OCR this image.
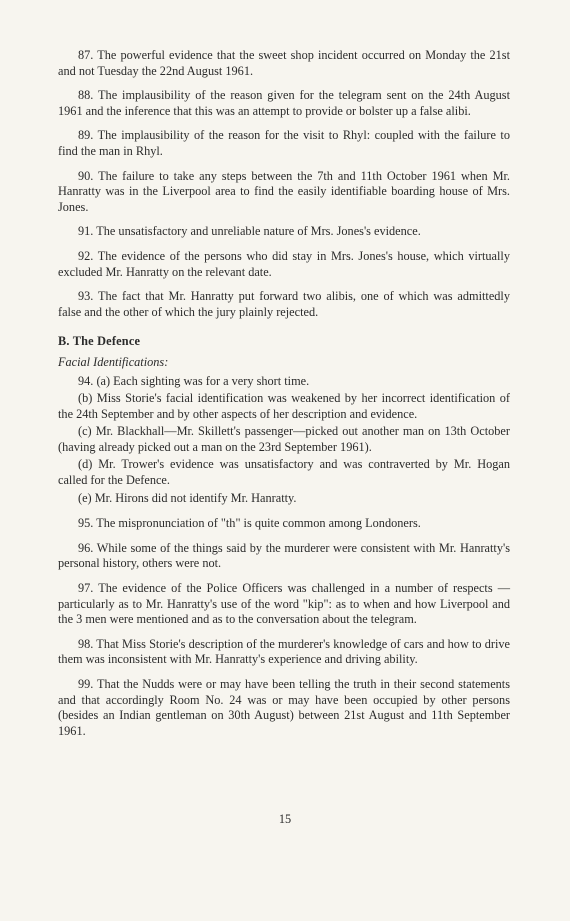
87. The powerful evidence that the sweet shop incident occurred on Monday the 21st and not Tuesday the 22nd August 1961.

88. The implausibility of the reason given for the telegram sent on the 24th August 1961 and the inference that this was an attempt to provide or bolster up a false alibi.

89. The implausibility of the reason for the visit to Rhyl: coupled with the failure to find the man in Rhyl.

90. The failure to take any steps between the 7th and 11th October 1961 when Mr. Hanratty was in the Liverpool area to find the easily identifiable boarding house of Mrs. Jones.

91. The unsatisfactory and unreliable nature of Mrs. Jones's evidence.

92. The evidence of the persons who did stay in Mrs. Jones's house, which virtually excluded Mr. Hanratty on the relevant date.

93. The fact that Mr. Hanratty put forward two alibis, one of which was admittedly false and the other of which the jury plainly rejected.

B. The Defence
Facial Identifications:

94. (a) Each sighting was for a very short time.

(b) Miss Storie's facial identification was weakened by her incorrect identification of the 24th September and by other aspects of her description and evidence.

(c) Mr. Blackhall—Mr. Skillett's passenger—picked out another man on 13th October (having already picked out a man on the 23rd September 1961).

(d) Mr. Trower's evidence was unsatisfactory and was contraverted by Mr. Hogan called for the Defence.

(e) Mr. Hirons did not identify Mr. Hanratty.

95. The mispronunciation of "th" is quite common among Londoners.

96. While some of the things said by the murderer were consistent with Mr. Hanratty's personal history, others were not.

97. The evidence of the Police Officers was challenged in a number of respects —particularly as to Mr. Hanratty's use of the word "kip": as to when and how Liverpool and the 3 men were mentioned and as to the conversation about the telegram.

98. That Miss Storie's description of the murderer's knowledge of cars and how to drive them was inconsistent with Mr. Hanratty's experience and driving ability.

99. That the Nudds were or may have been telling the truth in their second statements and that accordingly Room No. 24 was or may have been occupied by other persons (besides an Indian gentleman on 30th August) between 21st August and 11th September 1961.

15
